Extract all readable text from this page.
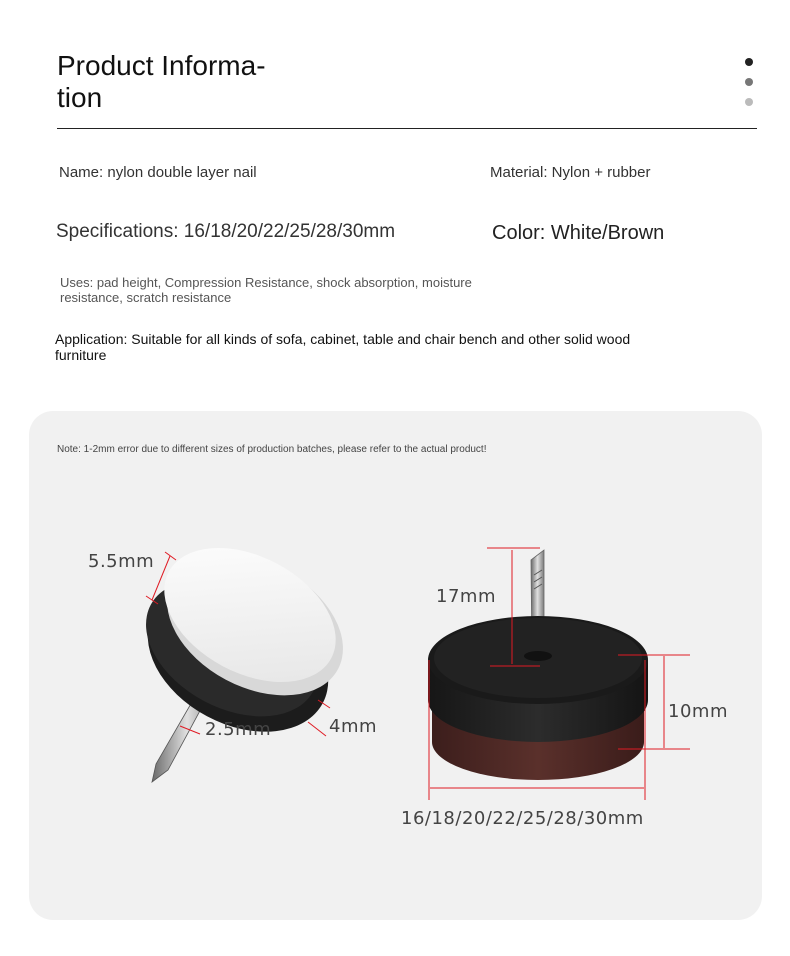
Product Informa- tion
Name: nylon double layer nail	Material: Nylon + rubber
Specifications: 16/18/20/22/25/28/30mm	Color: White/Brown
Uses: pad height, Compression Resistance, shock absorption, moisture resistance, scratch resistance
Application: Suitable for all kinds of sofa, cabinet, table and chair bench and other solid wood furniture
Note: 1-2mm error due to different sizes of production batches, please refer to the actual product!
5.5mm
2.5mm	4mm
17mm
10mm
16/18/20/22/25/28/30mm
